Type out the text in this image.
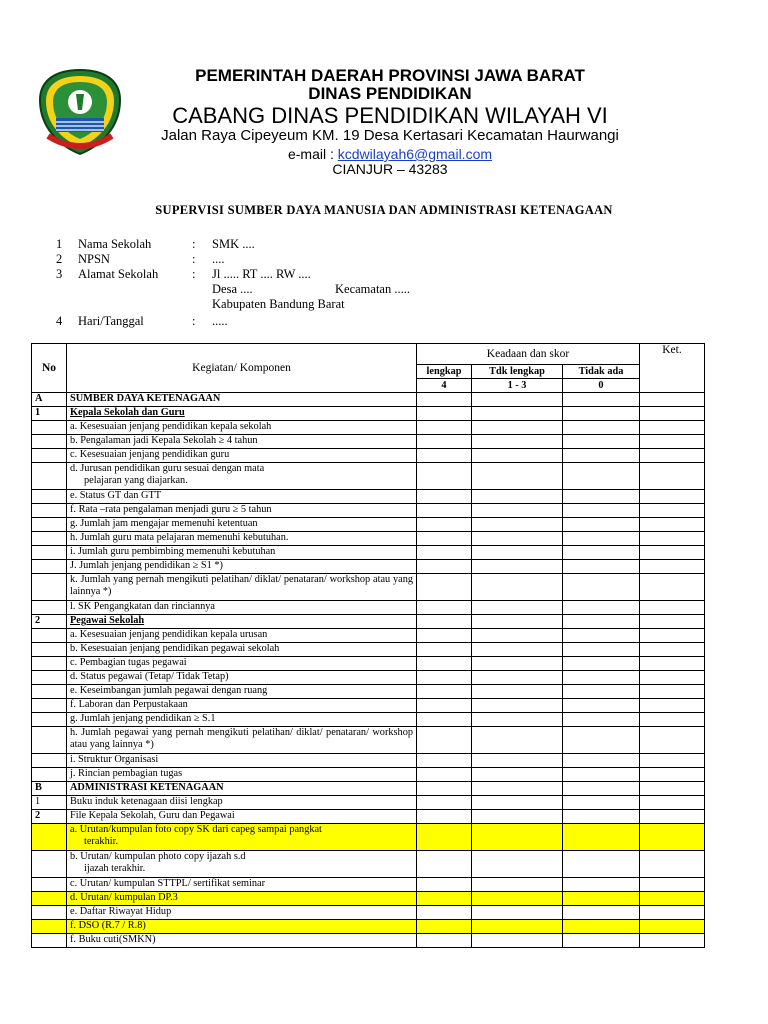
PEMERINTAH DAERAH PROVINSI JAWA BARAT
DINAS PENDIDIKAN
CABANG DINAS PENDIDIKAN WILAYAH VI
Jalan Raya Cipeyeum KM. 19 Desa Kertasari Kecamatan Haurwangi
e-mail : kcdwilayah6@gmail.com
CIANJUR – 43283
SUPERVISI SUMBER DAYA MANUSIA DAN ADMINISTRASI KETENAGAAN
1 Nama Sekolah	: SMK ....
2 NPSN	: ....
3 Alamat Sekolah	: Jl ..... RT .... RW ....
Desa ....	Kecamatan .....
Kabupaten Bandung Barat
4 Hari/Tanggal	: .....
No	Kegiatan/ Komponen	Keadaan dan skor			Ket.
		lengkap	Tdk lengkap	Tidak ada	
		4	1 - 3	0	
A	SUMBER DAYA KETENAGAAN				
1	Kepala Sekolah dan Guru				
	a. Kesesuaian jenjang pendidikan kepala sekolah				
	b. Pengalaman jadi Kepala Sekolah ≥ 4 tahun				
	c. Kesesuaian jenjang pendidikan guru				
	d. Jurusan pendidikan guru sesuai dengan mata
pelajaran yang diajarkan.				
	e. Status GT dan GTT				
	f. Rata –rata pengalaman menjadi guru ≥ 5 tahun				
	g. Jumlah jam mengajar memenuhi ketentuan				
	h. Jumlah guru mata pelajaran memenuhi kebutuhan.				
	i. Jumlah guru pembimbing memenuhi kebutuhan				
	J. Jumlah jenjang pendidikan ≥ S1 *)				
	k. Jumlah yang pernah mengikuti pelatihan/ diklat/ penataran/ workshop atau yang lainnya *)				
	l. SK Pengangkatan dan rinciannya				
2	Pegawai Sekolah				
	a. Kesesuaian jenjang pendidikan kepala urusan				
	b. Kesesuaian jenjang pendidikan pegawai sekolah				
	c. Pembagian tugas pegawai				
	d. Status pegawai (Tetap/ Tidak Tetap)				
	e. Keseimbangan jumlah pegawai dengan ruang				
	f. Laboran dan Perpustakaan				
	g. Jumlah jenjang pendidikan ≥ S.1				
	h. Jumlah pegawai yang pernah mengikuti pelatihan/ diklat/ penataran/ workshop atau yang lainnya *)				
	i. Struktur Organisasi				
	j. Rincian pembagian tugas				
B	ADMINISTRASI KETENAGAAN				
1	Buku induk ketenagaan diisi lengkap				
2	File Kepala Sekolah, Guru dan Pegawai				
	a. Urutan/kumpulan foto copy SK dari capeg sampai pangkat
terakhir.				
	b. Urutan/ kumpulan photo copy ijazah s.d
ijazah terakhir.				
	c. Urutan/ kumpulan STTPL/ sertifikat seminar				
	d. Urutan/ kumpulan DP.3				
	e. Daftar Riwayat Hidup				
	f. DSO (R.7 / R.8)				
	f. Buku cuti(SMKN)				
